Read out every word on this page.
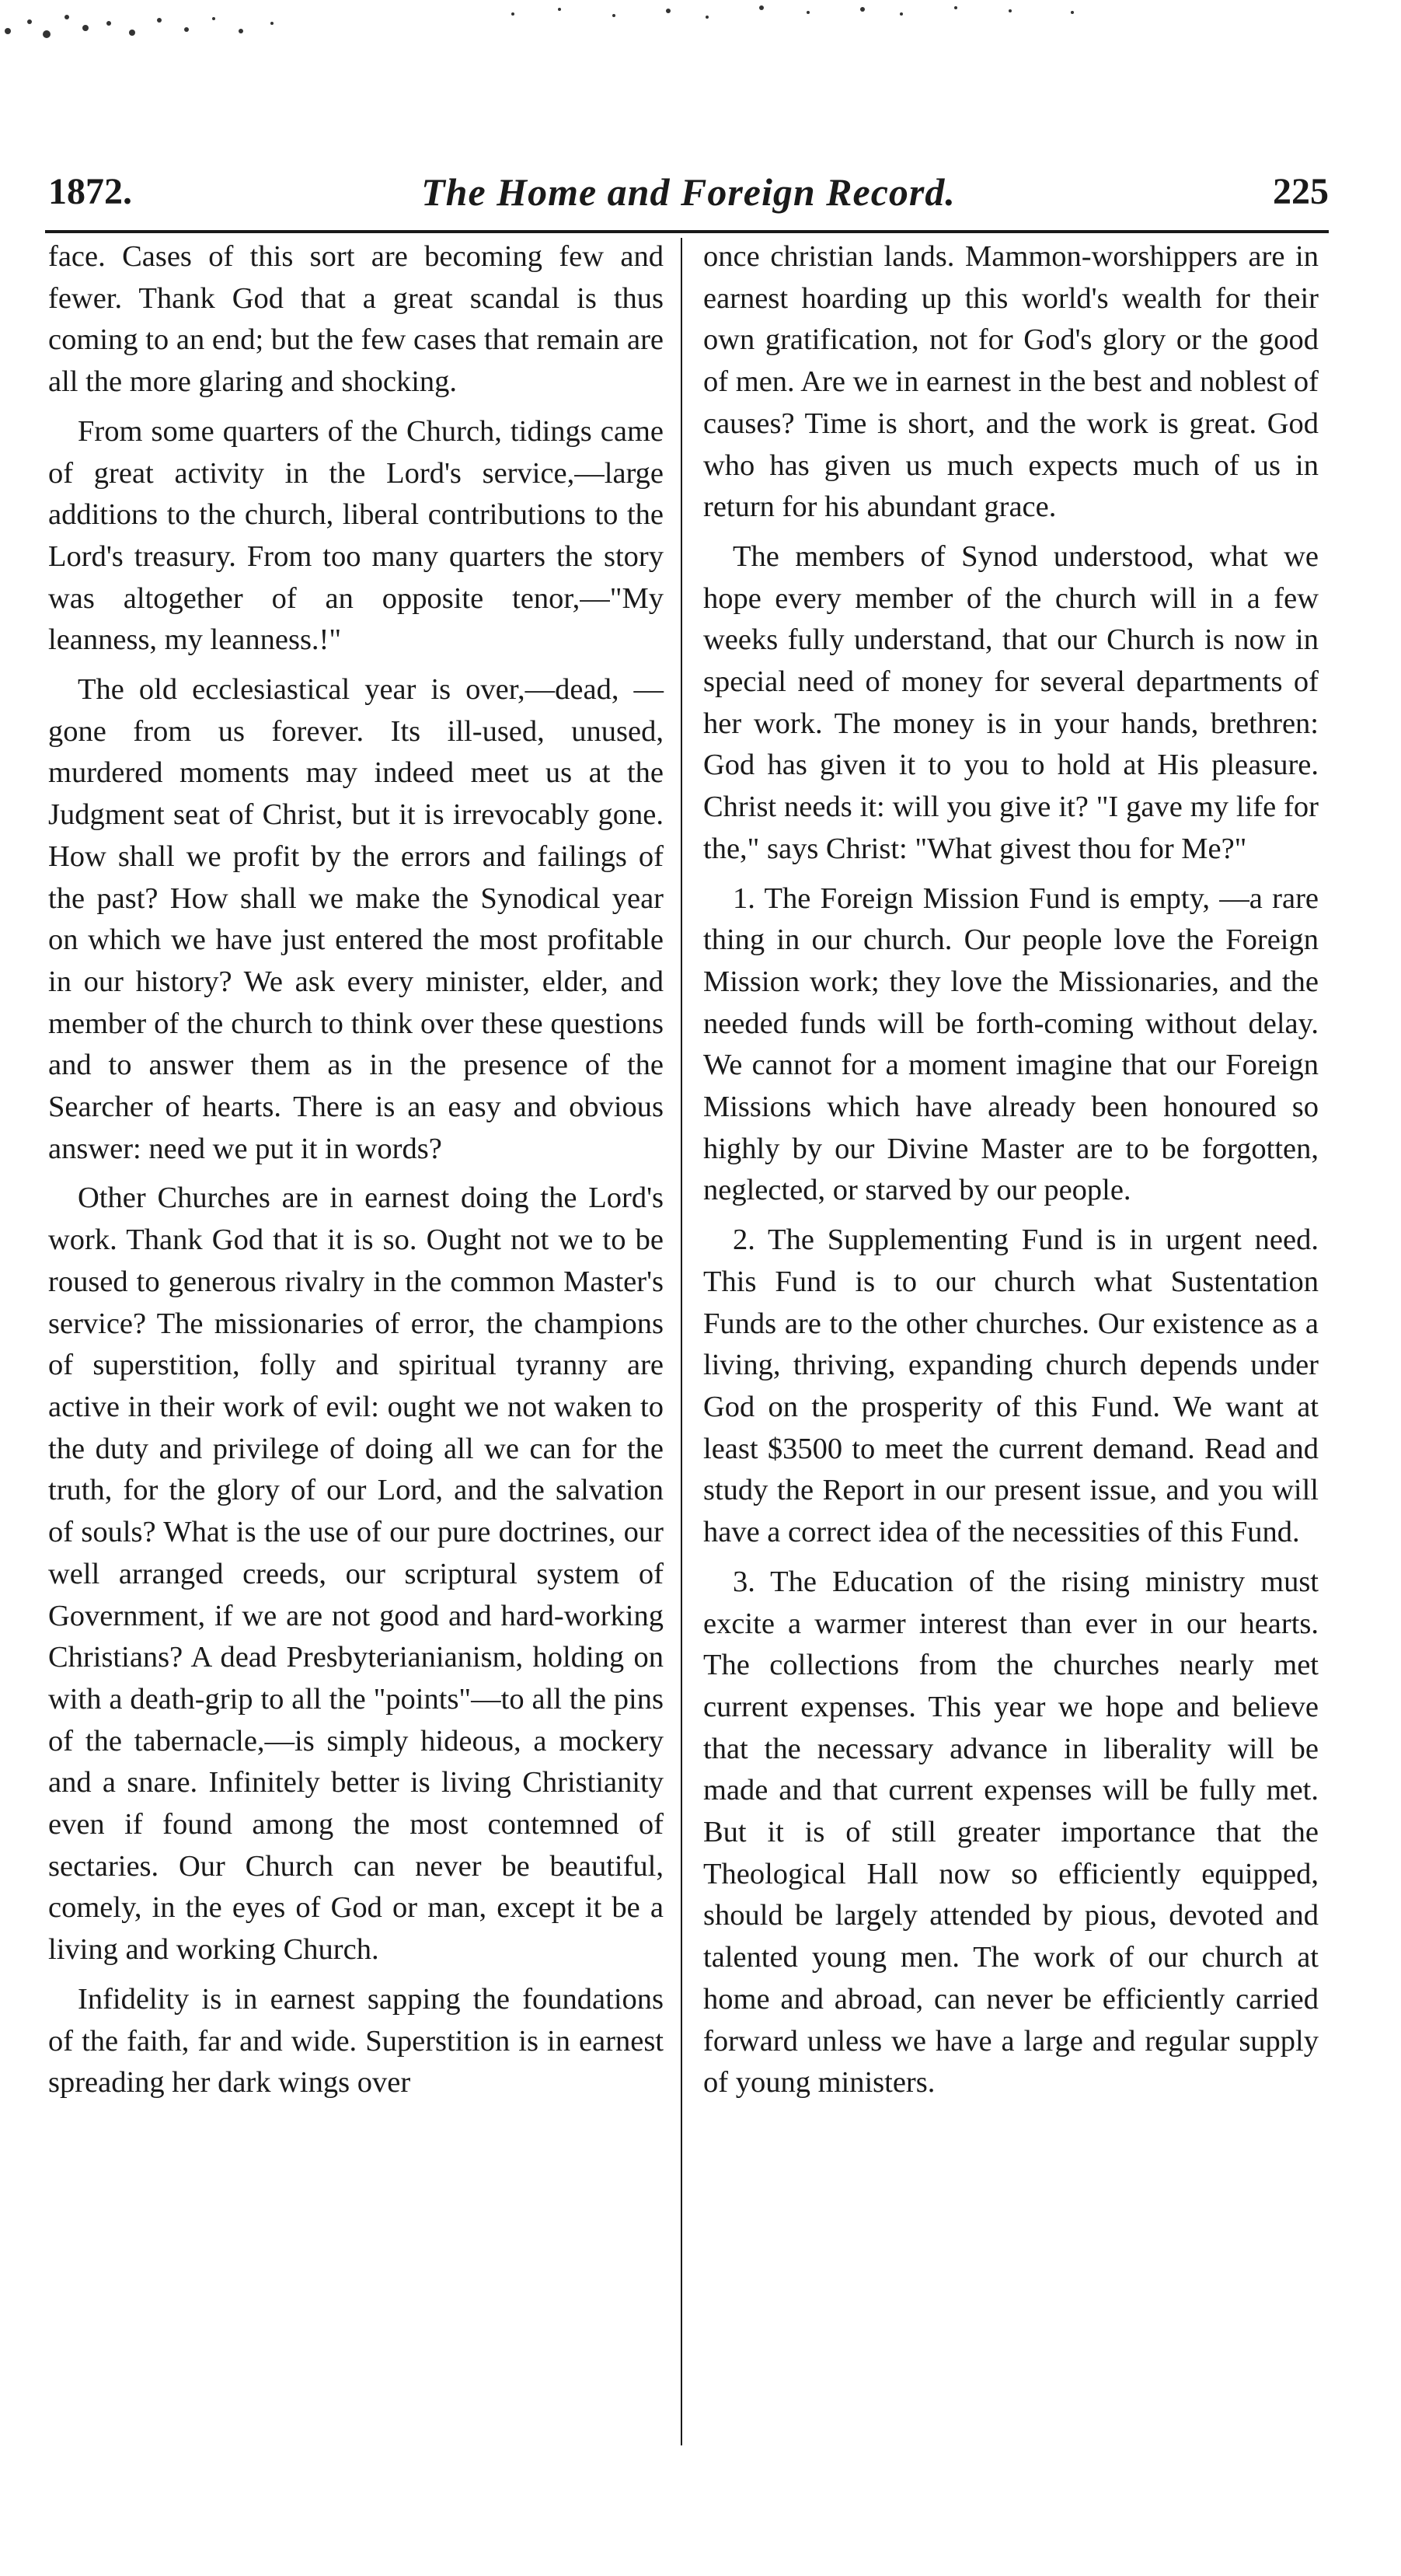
1872.	The Home and Foreign Record.	225

face. Cases of this sort are becoming few and fewer. Thank God that a great scandal is thus coming to an end; but the few cases that remain are all the more glaring and shocking.

From some quarters of the Church, tidings came of great activity in the Lord's service,—large additions to the church, liberal contributions to the Lord's treasury. From too many quarters the story was altogether of an opposite tenor,—"My leanness, my leanness.!"

The old ecclesiastical year is over,—dead, —gone from us forever. Its ill-used, unused, murdered moments may indeed meet us at the Judgment seat of Christ, but it is irrevocably gone. How shall we profit by the errors and failings of the past? How shall we make the Synodical year on which we have just entered the most profitable in our history? We ask every minister, elder, and member of the church to think over these questions and to answer them as in the presence of the Searcher of hearts. There is an easy and obvious answer: need we put it in words?

Other Churches are in earnest doing the Lord's work. Thank God that it is so. Ought not we to be roused to generous rivalry in the common Master's service? The missionaries of error, the champions of superstition, folly and spiritual tyranny are active in their work of evil: ought we not waken to the duty and privilege of doing all we can for the truth, for the glory of our Lord, and the salvation of souls? What is the use of our pure doctrines, our well arranged creeds, our scriptural system of Government, if we are not good and hard-working Christians? A dead Presbyterianianism, holding on with a death-grip to all the "points"—to all the pins of the tabernacle,—is simply hideous, a mockery and a snare. Infinitely better is living Christianity even if found among the most contemned of sectaries. Our Church can never be beautiful, comely, in the eyes of God or man, except it be a living and working Church.

Infidelity is in earnest sapping the foundations of the faith, far and wide. Superstition is in earnest spreading her dark wings over

once christian lands. Mammon-worshippers are in earnest hoarding up this world's wealth for their own gratification, not for God's glory or the good of men. Are we in earnest in the best and noblest of causes? Time is short, and the work is great. God who has given us much expects much of us in return for his abundant grace.

The members of Synod understood, what we hope every member of the church will in a few weeks fully understand, that our Church is now in special need of money for several departments of her work. The money is in your hands, brethren: God has given it to you to hold at His pleasure. Christ needs it: will you give it? "I gave my life for the," says Christ: "What givest thou for Me?"

1. The Foreign Mission Fund is empty, —a rare thing in our church. Our people love the Foreign Mission work; they love the Missionaries, and the needed funds will be forth-coming without delay. We cannot for a moment imagine that our Foreign Missions which have already been honoured so highly by our Divine Master are to be forgotten, neglected, or starved by our people.

2. The Supplementing Fund is in urgent need. This Fund is to our church what Sustentation Funds are to the other churches. Our existence as a living, thriving, expanding church depends under God on the prosperity of this Fund. We want at least $3500 to meet the current demand. Read and study the Report in our present issue, and you will have a correct idea of the necessities of this Fund.

3. The Education of the rising ministry must excite a warmer interest than ever in our hearts. The collections from the churches nearly met current expenses. This year we hope and believe that the necessary advance in liberality will be made and that current expenses will be fully met. But it is of still greater importance that the Theological Hall now so efficiently equipped, should be largely attended by pious, devoted and talented young men. The work of our church at home and abroad, can never be efficiently carried forward unless we have a large and regular supply of young ministers.
